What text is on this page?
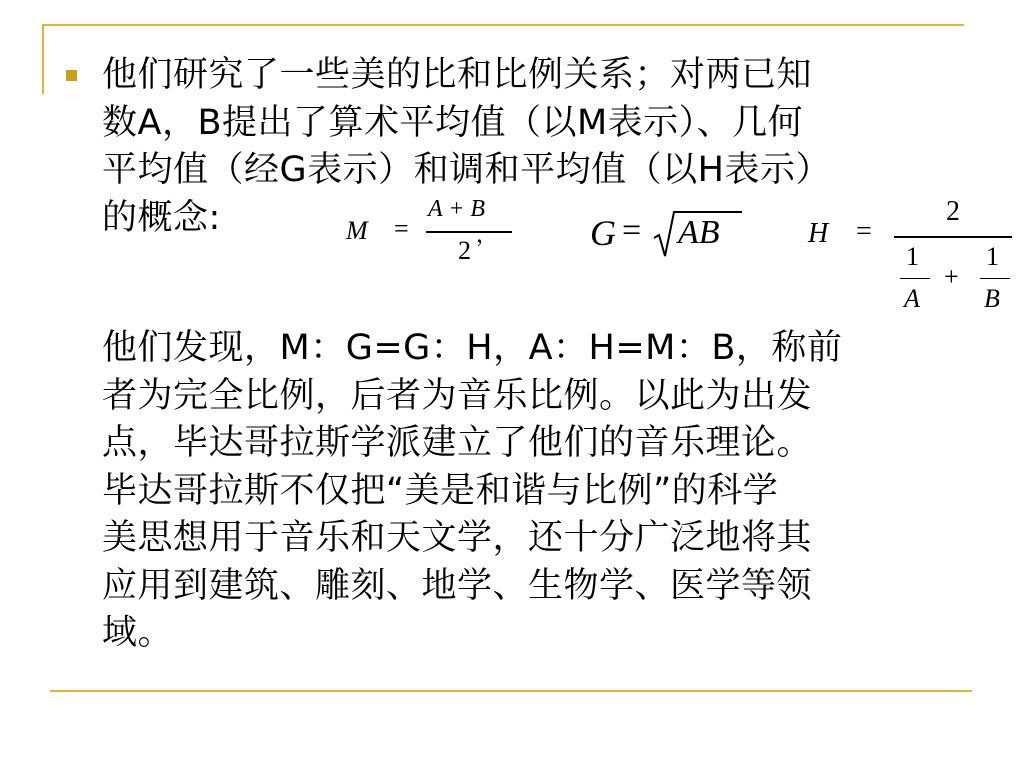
他们研究了一些美的比和比例关系；对两已知
数A，B提出了算术平均值（以M表示）、几何
平均值（经G表示）和调和平均值（以H表示）
的概念:	M =
A + B
2
，	G = AB	H =
2
1
A
+
1
B
他们发现，M：G=G：H，A：H=M：B，称前
者为完全比例，后者为音乐比例。以此为出发
点，毕达哥拉斯学派建立了他们的音乐理论。
毕达哥拉斯不仅把“美是和谐与比例”的科学
美思想用于音乐和天文学，还十分广泛地将其
应用到建筑、雕刻、地学、生物学、医学等领
域。
